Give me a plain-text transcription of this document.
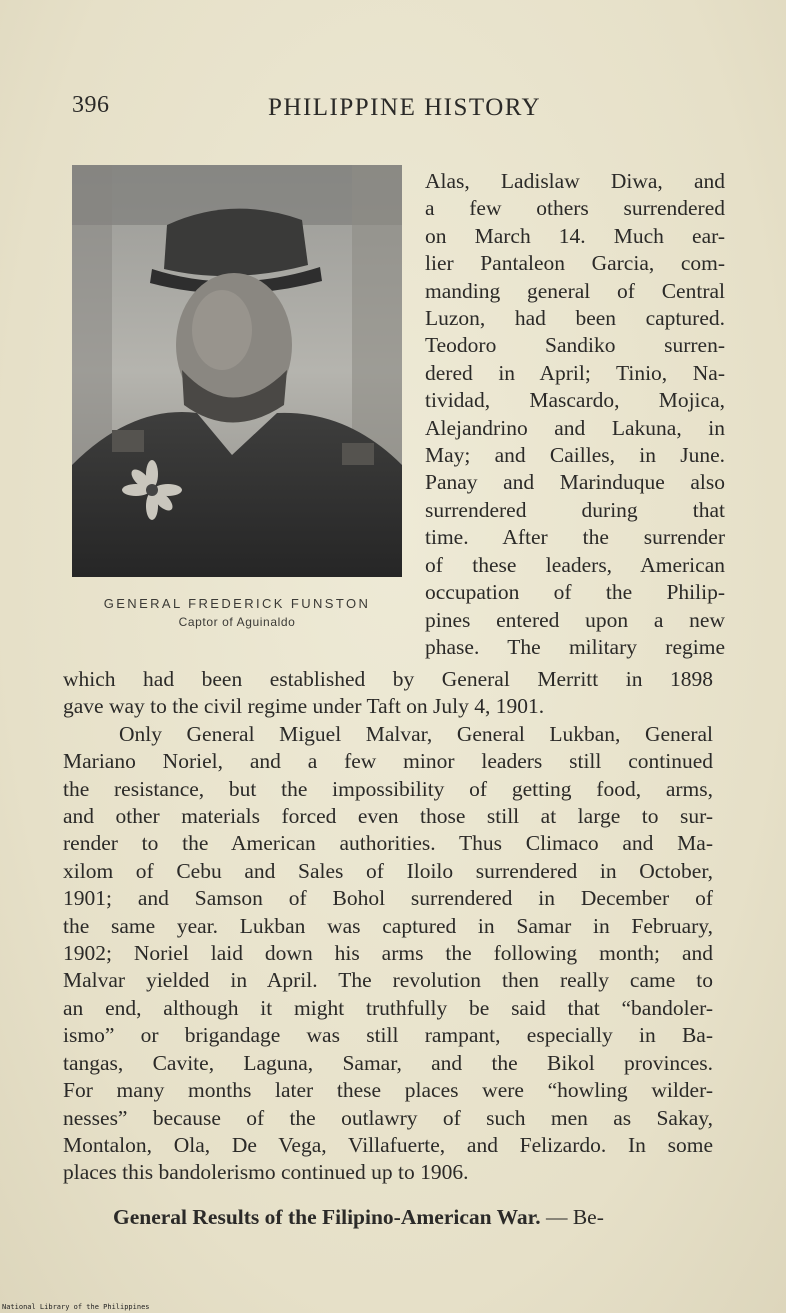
396	PHILIPPINE HISTORY
GENERAL FREDERICK FUNSTON
Captor of Aguinaldo
Alas, Ladislaw Diwa, and
a few others surrendered
on March 14. Much ear-
lier Pantaleon Garcia, com-
manding general of Central
Luzon, had been captured.
Teodoro Sandiko surren-
dered in April; Tinio, Na-
tividad, Mascardo, Mojica,
Alejandrino and Lakuna, in
May; and Cailles, in June.
Panay and Marinduque also
surrendered during that
time. After the surrender
of these leaders, American
occupation of the Philip-
pines entered upon a new
phase. The military regime
which had been established by General Merritt in 1898
gave way to the civil regime under Taft on July 4, 1901.
Only General Miguel Malvar, General Lukban, General
Mariano Noriel, and a few minor leaders still continued
the resistance, but the impossibility of getting food, arms,
and other materials forced even those still at large to sur-
render to the American authorities. Thus Climaco and Ma-
xilom of Cebu and Sales of Iloilo surrendered in October,
1901; and Samson of Bohol surrendered in December of
the same year. Lukban was captured in Samar in February,
1902; Noriel laid down his arms the following month; and
Malvar yielded in April. The revolution then really came to
an end, although it might truthfully be said that “bandoler-
ismo” or brigandage was still rampant, especially in Ba-
tangas, Cavite, Laguna, Samar, and the Bikol provinces.
For many months later these places were “howling wilder-
nesses” because of the outlawry of such men as Sakay,
Montalon, Ola, De Vega, Villafuerte, and Felizardo. In some
places this bandolerismo continued up to 1906.
General Results of the Filipino-American War. — Be-
National Library of the Philippines
